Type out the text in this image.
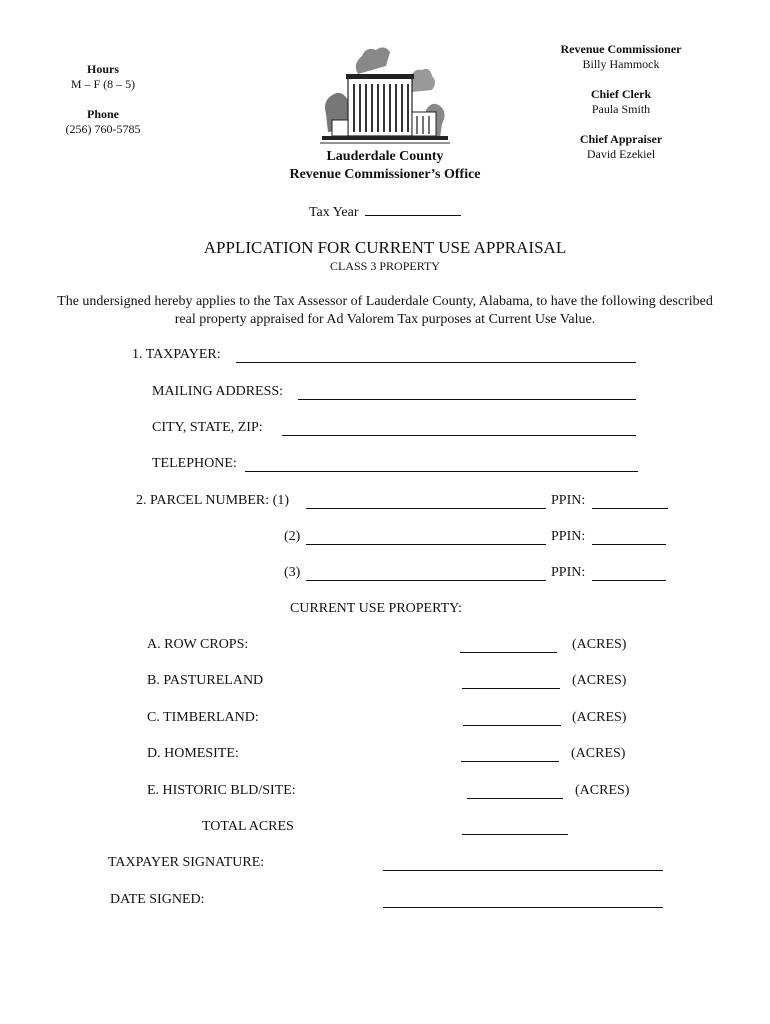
Hours
M – F (8 – 5)
Phone
(256) 760-5785
Revenue Commissioner
Billy Hammock
Chief Clerk
Paula Smith
Chief Appraiser
David Ezekiel
Lauderdale County
Revenue Commissioner’s Office
Tax Year
APPLICATION FOR CURRENT USE APPRAISAL
CLASS 3 PROPERTY
The undersigned hereby applies to the Tax Assessor of Lauderdale County, Alabama, to have the following described real property appraised for Ad Valorem Tax purposes at Current Use Value.
1. TAXPAYER:
MAILING ADDRESS:
CITY, STATE, ZIP:
TELEPHONE:
2. PARCEL NUMBER: (1)	PPIN:
(2)	PPIN:
(3)	PPIN:
CURRENT USE PROPERTY:
A. ROW CROPS:	(ACRES)
B. PASTURELAND	(ACRES)
C. TIMBERLAND:	(ACRES)
D. HOMESITE:	(ACRES)
E. HISTORIC BLD/SITE:	(ACRES)
TOTAL ACRES
TAXPAYER SIGNATURE:
DATE SIGNED:
